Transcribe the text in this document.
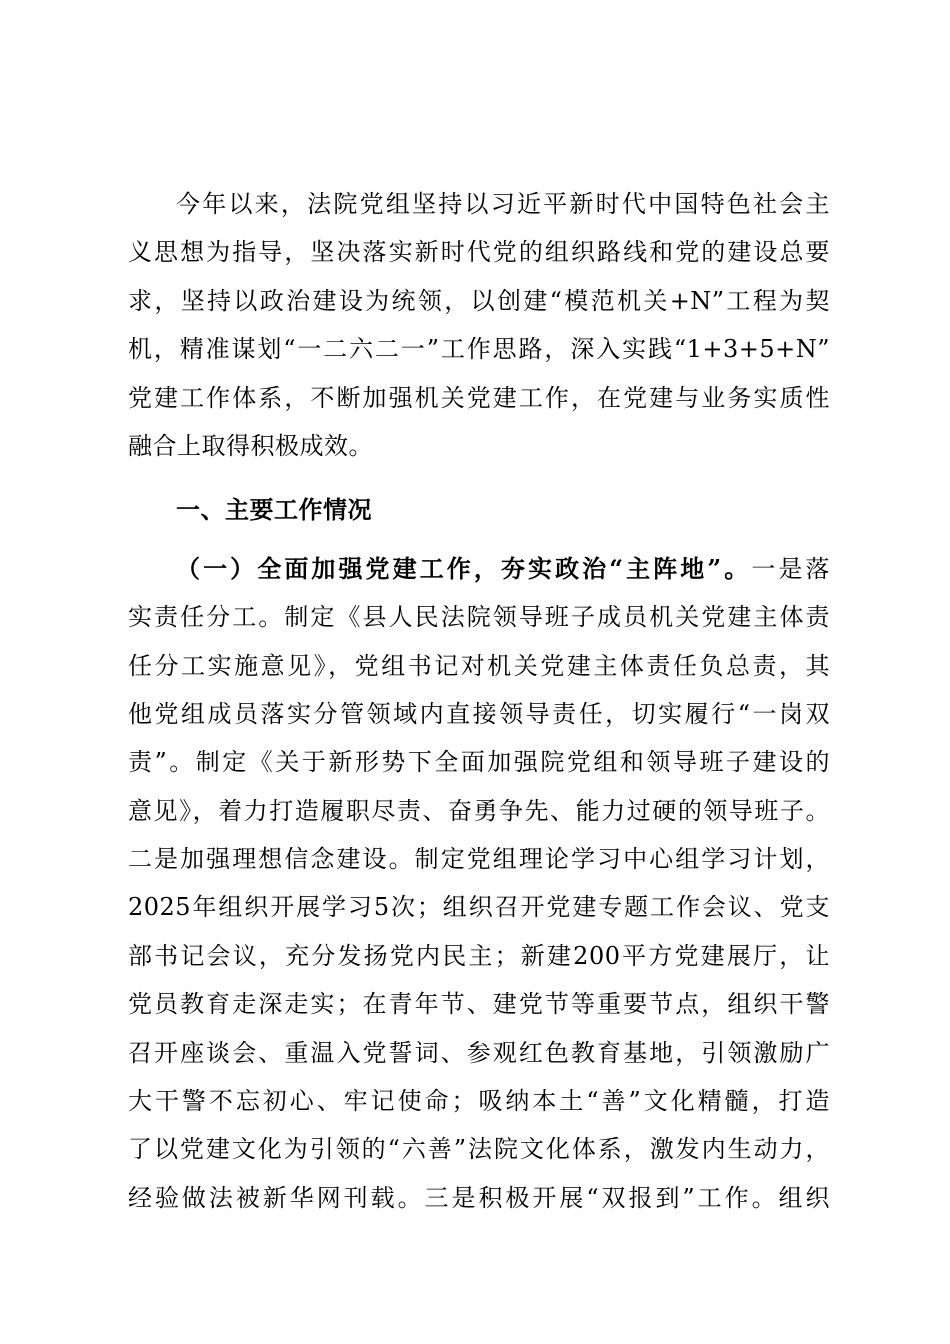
今年以来，法院党组坚持以习近平新时代中国特色社会主
义思想为指导，坚决落实新时代党的组织路线和党的建设总要
求，坚持以政治建设为统领，以创建“模范机关+N”工程为契
机，精准谋划“一二六二一”工作思路，深入实践“1+3+5+N”
党建工作体系，不断加强机关党建工作，在党建与业务实质性
融合上取得积极成效。
一、主要工作情况
（一）全面加强党建工作，夯实政治“主阵地”。一是落
实责任分工。制定《县人民法院领导班子成员机关党建主体责
任分工实施意见》，党组书记对机关党建主体责任负总责，其
他党组成员落实分管领域内直接领导责任，切实履行“一岗双
责”。制定《关于新形势下全面加强院党组和领导班子建设的
意见》，着力打造履职尽责、奋勇争先、能力过硬的领导班子。
二是加强理想信念建设。制定党组理论学习中心组学习计划，
2025年组织开展学习5次；组织召开党建专题工作会议、党支
部书记会议，充分发扬党内民主；新建200平方党建展厅，让
党员教育走深走实；在青年节、建党节等重要节点，组织干警
召开座谈会、重温入党誓词、参观红色教育基地，引领激励广
大干警不忘初心、牢记使命；吸纳本土“善”文化精髓，打造
了以党建文化为引领的“六善”法院文化体系，激发内生动力，
经验做法被新华网刊载。三是积极开展“双报到”工作。组织
